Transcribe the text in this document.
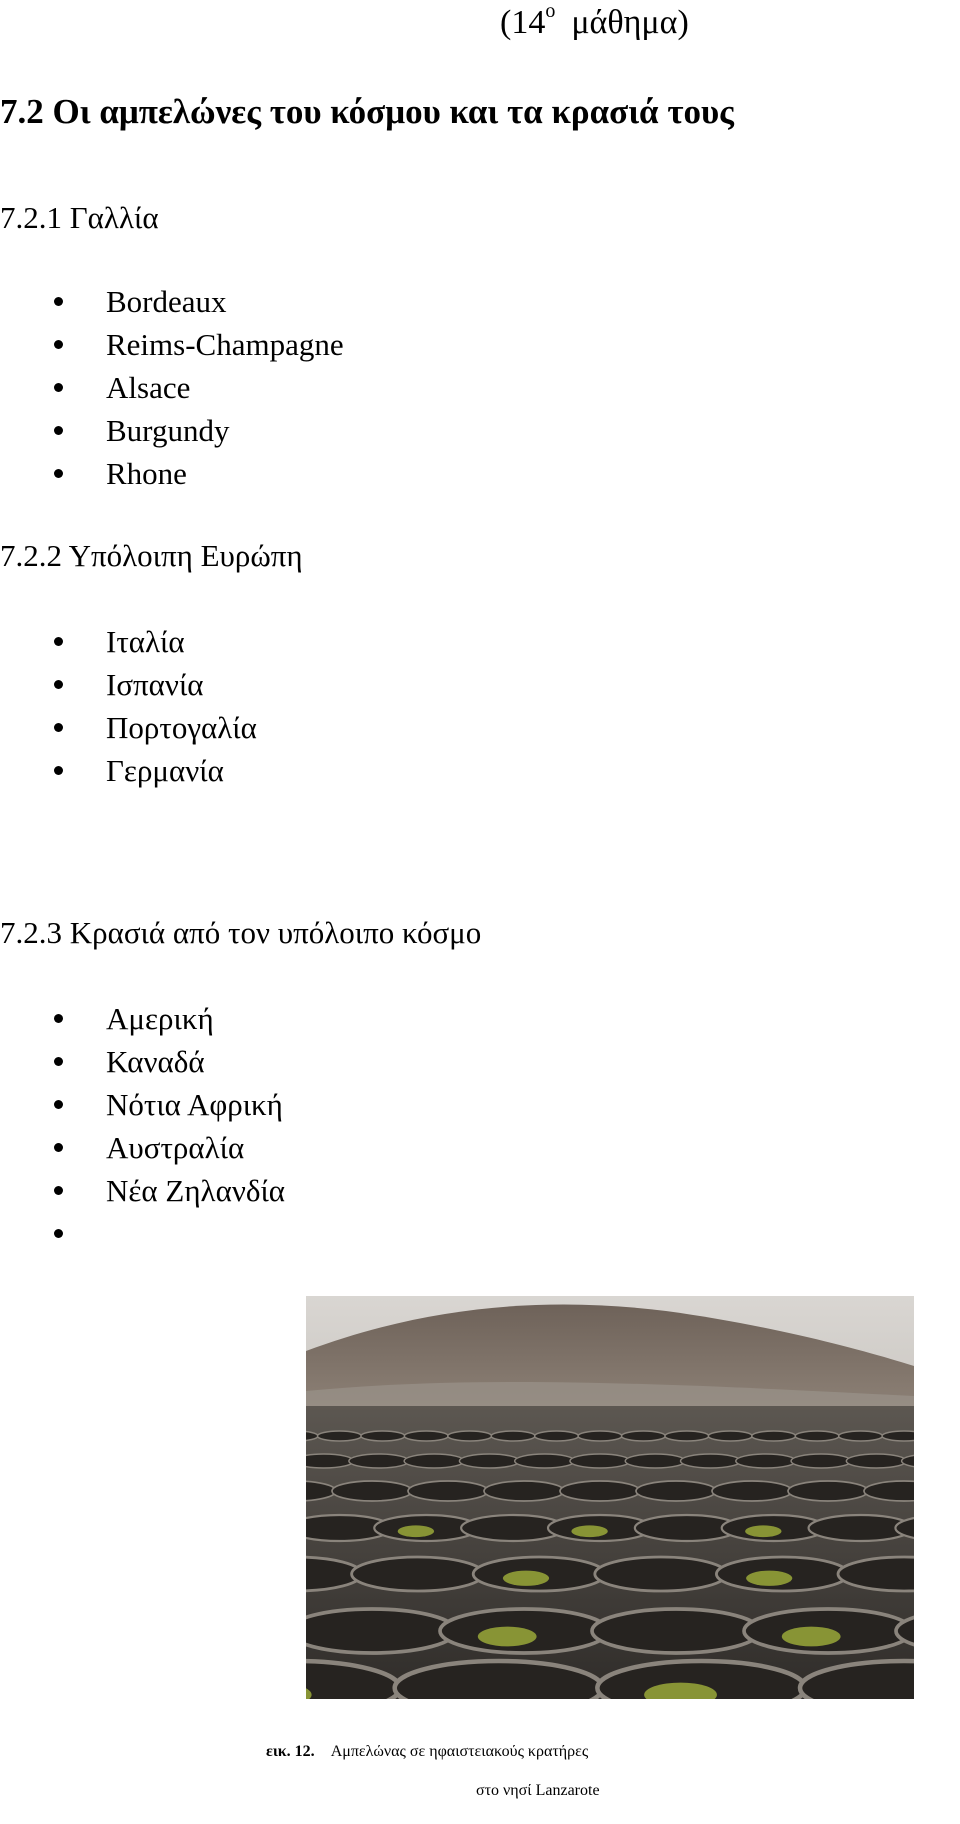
($14^o$ μάθημα)
7.2 Οι αμπελώνες του κόσμου και τα κρασιά τους
7.2.1 Γαλλία
Bordeaux
Reims-Champagne
Alsace
Burgundy
Rhone
7.2.2 Υπόλοιπη Ευρώπη
Ιταλία
Ισπανία
Πορτογαλία
Γερμανία
7.2.3 Κρασιά από τον υπόλοιπο κόσμο
Αμερική
Καναδά
Νότια Αφρική
Αυστραλία
Νέα Ζηλανδία
εικ. 12. Αμπελώνας σε ηφαιστειακούς κρατήρες
στο νησί Lanzarote
